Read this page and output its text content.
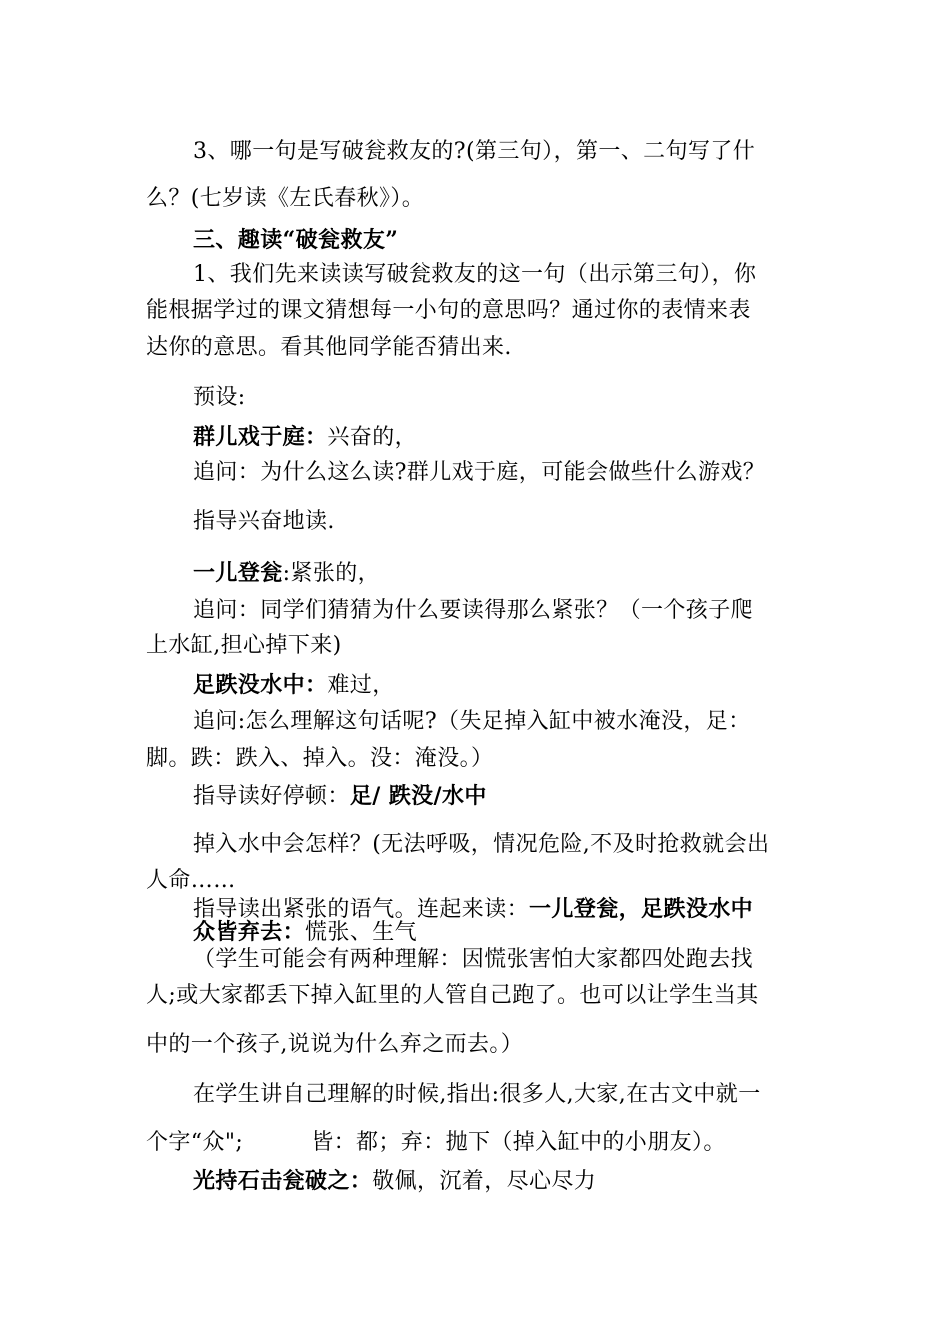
3、哪一句是写破瓮救友的?(第三句），第一、二句写了什
么？(七岁读《左氏春秋》）。
三、趣读“破瓮救友”
1、我们先来读读写破瓮救友的这一句（出示第三句），你
能根据学过的课文猜想每一小句的意思吗？通过你的表情来表
达你的意思。看其他同学能否猜出来.
预设:
群儿戏于庭：兴奋的，
追问：为什么这么读?群儿戏于庭，可能会做些什么游戏？
指导兴奋地读.
一儿登瓮:紧张的，
追问：同学们猜猜为什么要读得那么紧张？（一个孩子爬
上水缸,担心掉下来)
足跌没水中：难过，
追问:怎么理解这句话呢?（失足掉入缸中被水淹没，足：
脚。跌：跌入、掉入。没：淹没。）
指导读好停顿：足/ 跌没/水中
掉入水中会怎样？(无法呼吸，情况危险,不及时抢救就会出
人命……
指导读出紧张的语气。连起来读：一儿登瓮，足跌没水中
众皆弃去：慌张、生气
（学生可能会有两种理解：因慌张害怕大家都四处跑去找
人;或大家都丢下掉入缸里的人管自己跑了。也可以让学生当其
中的一个孩子,说说为什么弃之而去。）
在学生讲自己理解的时候,指出:很多人,大家,在古文中就一
个字“众";	皆：都；弃：抛下（掉入缸中的小朋友）。
光持石击瓮破之：敬佩，沉着，尽心尽力
